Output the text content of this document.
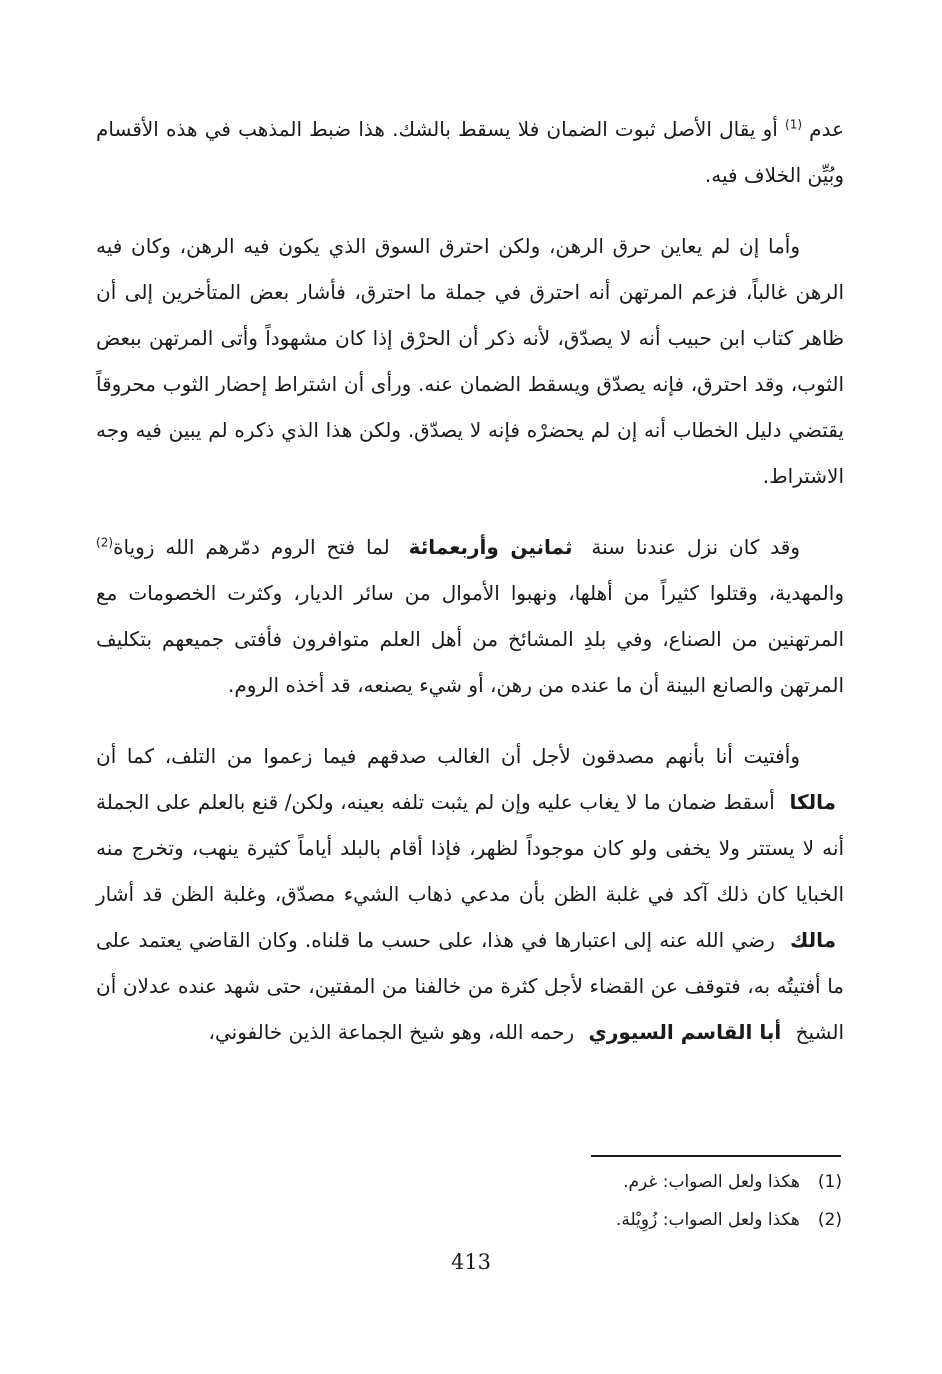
عدم $^{(1)}$ أو يقال الأصل ثبوت الضمان فلا يسقط بالشك. هذا ضبط المذهب في هذه الأقسام وبُيِّن الخلاف فيه.

وأما إن لم يعاين حرق الرهن، ولكن احترق السوق الذي يكون فيه الرهن، وكان فيه الرهن غالباً، فزعم المرتهن أنه احترق في جملة ما احترق، فأشار بعض المتأخرين إلى أن ظاهر كتاب ابن حبيب أنه لا يصدّق، لأنه ذكر أن الحرْق إذا كان مشهوداً وأتى المرتهن ببعض الثوب، وقد احترق، فإنه يصدّق ويسقط الضمان عنه. ورأى أن اشتراط إحضار الثوب محروقاً يقتضي دليل الخطاب أنه إن لم يحضرْه فإنه لا يصدّق. ولكن هذا الذي ذكره لم يبين فيه وجه الاشتراط.

وقد كان نزل عندنا سنة ثمانين وأربعمائة لما فتح الروم دمّرهم الله زوياة$^{(2)}$ والمهدية، وقتلوا كثيراً من أهلها، ونهبوا الأموال من سائر الديار، وكثرت الخصومات مع المرتهنين من الصناع، وفي بلدِ المشائخ من أهل العلم متوافرون فأفتى جميعهم بتكليف المرتهن والصانع البينة أن ما عنده من رهن، أو شيء يصنعه، قد أخذه الروم.

وأفتيت أنا بأنهم مصدقون لأجل أن الغالب صدقهم فيما زعموا من التلف، كما أن مالكا أسقط ضمان ما لا يغاب عليه وإن لم يثبت تلفه بعينه، ولكن/ قنع بالعلم على الجملة أنه لا يستتر ولا يخفى ولو كان موجوداً لظهر، فإذا أقام بالبلد أياماً كثيرة ينهب، وتخرج منه الخبايا كان ذلك آكد في غلبة الظن بأن مدعي ذهاب الشيء مصدّق، وغلبة الظن قد أشار مالك رضي الله عنه إلى اعتبارها في هذا، على حسب ما قلناه. وكان القاضي يعتمد على ما أفتيتُه به، فتوقف عن القضاء لأجل كثرة من خالفنا من المفتين، حتى شهد عنده عدلان أن الشيخ أبا القاسم السيوري رحمه الله، وهو شيخ الجماعة الذين خالفوني،

(1)هكذا ولعل الصواب: غرم.
(2)هكذا ولعل الصواب: زُوِيْلة.
413
